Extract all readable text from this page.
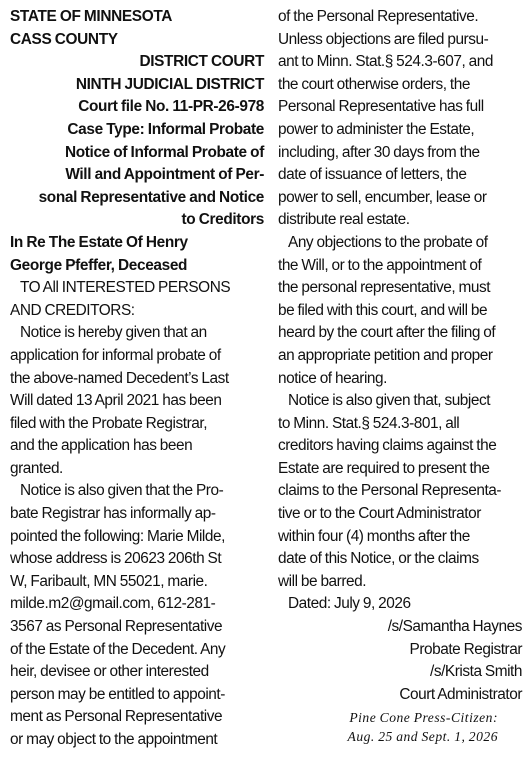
STATE OF MINNESOTA
CASS COUNTY
DISTRICT COURT
NINTH JUDICIAL DISTRICT
Court file No. 11-PR-26-978
Case Type: Informal Probate
Notice of Informal Probate of
Will and Appointment of Per-
sonal Representative and Notice
to Creditors
In Re The Estate Of Henry
George Pfeffer, Deceased
TO All INTERESTED PERSONS
AND CREDITORS:
Notice is hereby given that an
application for informal probate of
the above-named Decedent’s Last
Will dated 13 April 2021 has been
filed with the Probate Registrar,
and the application has been
granted.
Notice is also given that the Pro-
bate Registrar has informally ap-
pointed the following: Marie Milde,
whose address is 20623 206th St
W, Faribault, MN 55021, marie.
milde.m2@gmail.com, 612-281-
3567 as Personal Representative
of the Estate of the Decedent. Any
heir, devisee or other interested
person may be entitled to appoint-
ment as Personal Representative
or may object to the appointment
of the Personal Representative.
Unless objections are filed pursu-
ant to Minn. Stat.§ 524.3-607, and
the court otherwise orders, the
Personal Representative has full
power to administer the Estate,
including, after 30 days from the
date of issuance of letters, the
power to sell, encumber, lease or
distribute real estate.
Any objections to the probate of
the Will, or to the appointment of
the personal representative, must
be filed with this court, and will be
heard by the court after the filing of
an appropriate petition and proper
notice of hearing.
Notice is also given that, subject
to Minn. Stat.§ 524.3-801, all
creditors having claims against the
Estate are required to present the
claims to the Personal Representa-
tive or to the Court Administrator
within four (4) months after the
date of this Notice, or the claims
will be barred.
Dated: July 9, 2026
/s/Samantha Haynes
Probate Registrar
/s/Krista Smith
Court Administrator
Pine Cone Press-Citizen:
Aug. 25 and Sept. 1, 2026
